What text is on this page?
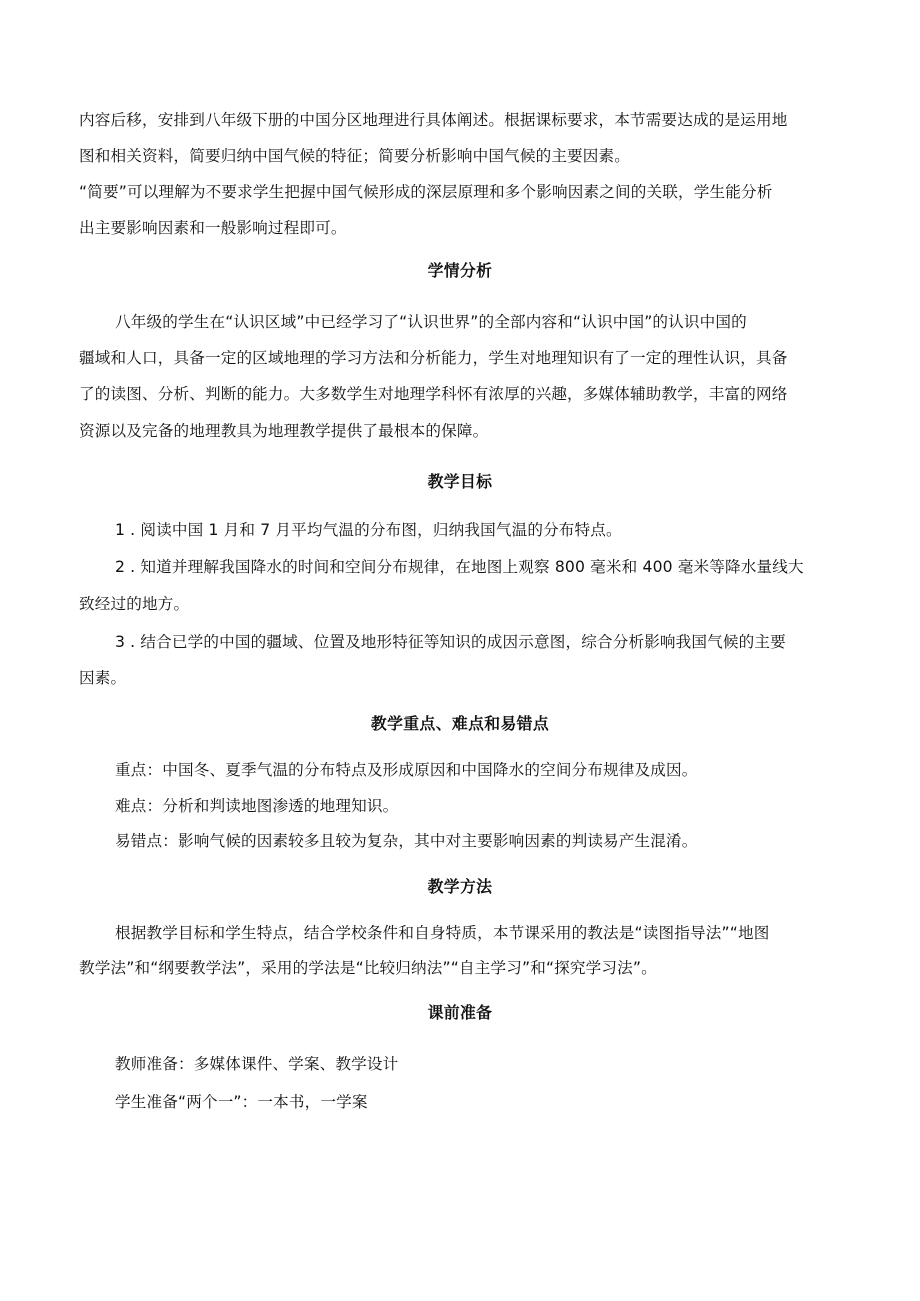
内容后移，安排到八年级下册的中国分区地理进行具体阐述。根据课标要求，本节需要达成的是运用地
图和相关资料，简要归纳中国气候的特征；简要分析影响中国气候的主要因素。
“简要”可以理解为不要求学生把握中国气候形成的深层原理和多个影响因素之间的关联，学生能分析
出主要影响因素和一般影响过程即可。
学情分析
八年级的学生在“认识区域”中已经学习了“认识世界”的全部内容和“认识中国”的认识中国的
疆域和人口，具备一定的区域地理的学习方法和分析能力，学生对地理知识有了一定的理性认识，具备
了的读图、分析、判断的能力。大多数学生对地理学科怀有浓厚的兴趣，多媒体辅助教学，丰富的网络
资源以及完备的地理教具为地理教学提供了最根本的保障。
教学目标
1 . 阅读中国 1 月和 7 月平均气温的分布图，归纳我国气温的分布特点。
2 . 知道并理解我国降水的时间和空间分布规律，在地图上观察 800 毫米和 400 毫米等降水量线大
致经过的地方。
3 . 结合已学的中国的疆域、位置及地形特征等知识的成因示意图，综合分析影响我国气候的主要
因素。
教学重点、难点和易错点
重点：中国冬、夏季气温的分布特点及形成原因和中国降水的空间分布规律及成因。
难点：分析和判读地图渗透的地理知识。
易错点：影响气候的因素较多且较为复杂，其中对主要影响因素的判读易产生混淆。
教学方法
根据教学目标和学生特点，结合学校条件和自身特质，本节课采用的教法是“读图指导法”“地图
教学法”和“纲要教学法”，采用的学法是“比较归纳法”“自主学习”和“探究学习法”。
课前准备
教师准备：多媒体课件、学案、教学设计
学生准备“两个一”：一本书，一学案
